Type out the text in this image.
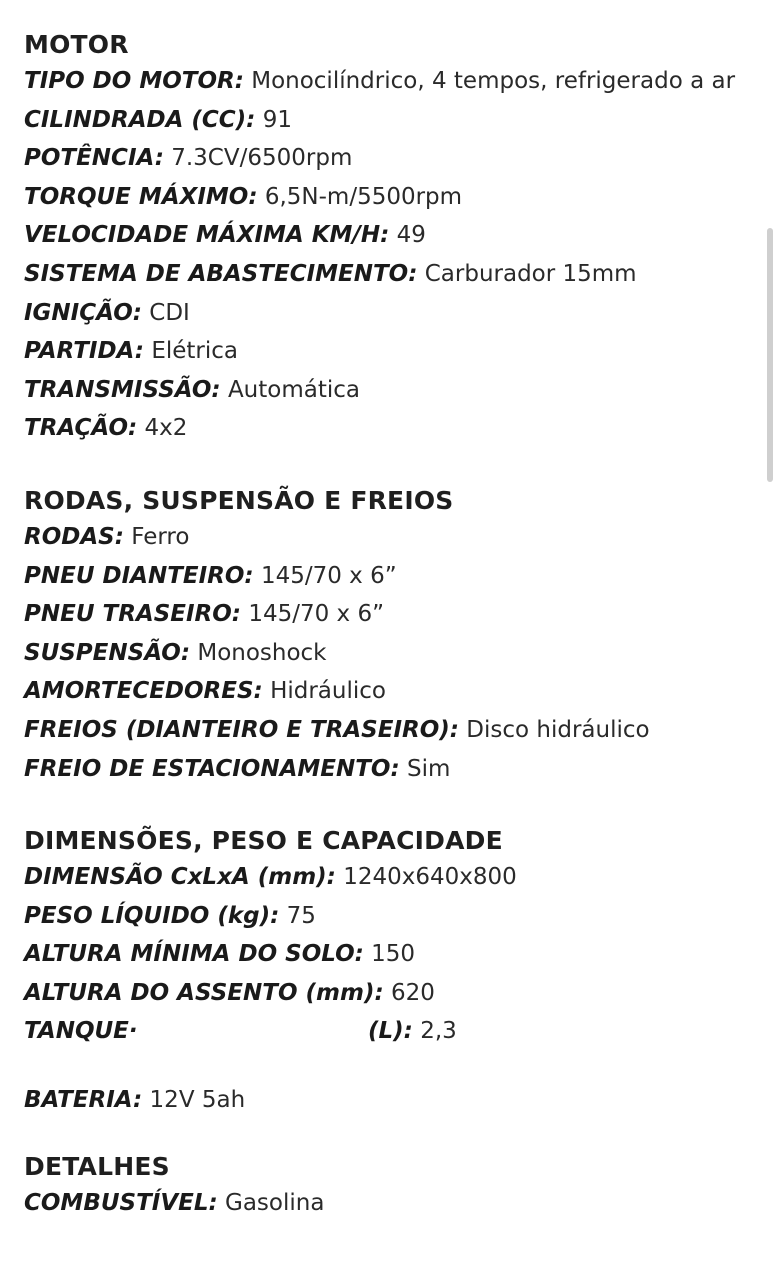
MOTOR

TIPO DO MOTOR: Monocilíndrico, 4 tempos, refrigerado a ar

CILINDRADA (CC): 91

POTÊNCIA: 7.3CV/6500rpm

TORQUE MÁXIMO: 6,5N-m/5500rpm

VELOCIDADE MÁXIMA KM/H: 49

SISTEMA DE ABASTECIMENTO: Carburador 15mm

IGNIÇÃO: CDI

PARTIDA: Elétrica

TRANSMISSÃO: Automática

TRAÇÃO: 4x2

RODAS, SUSPENSÃO E FREIOS

RODAS: Ferro

PNEU DIANTEIRO: 145/70 x 6”

PNEU TRASEIRO: 145/70 x 6”

SUSPENSÃO: Monoshock

AMORTECEDORES: Hidráulico

FREIOS (DIANTEIRO E TRASEIRO): Disco hidráulico

FREIO DE ESTACIONAMENTO: Sim

DIMENSÕES, PESO E CAPACIDADE

DIMENSÃO CxLxA (mm): 1240x640x800

PESO LÍQUIDO (kg): 75

ALTURA MÍNIMA DO SOLO: 150

ALTURA DO ASSENTO (mm): 620

TANQUE·	(L): 2,3

BATERIA: 12V 5ah

DETALHES

COMBUSTÍVEL: Gasolina
